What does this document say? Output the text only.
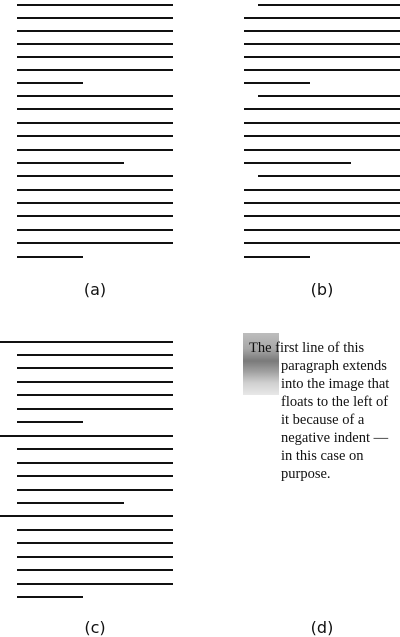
(a)	(b)
(c)
The first line of this
paragraph extends
into the image that
floats to the left of
it because of a
negative indent —
in this case on
purpose.
(d)
